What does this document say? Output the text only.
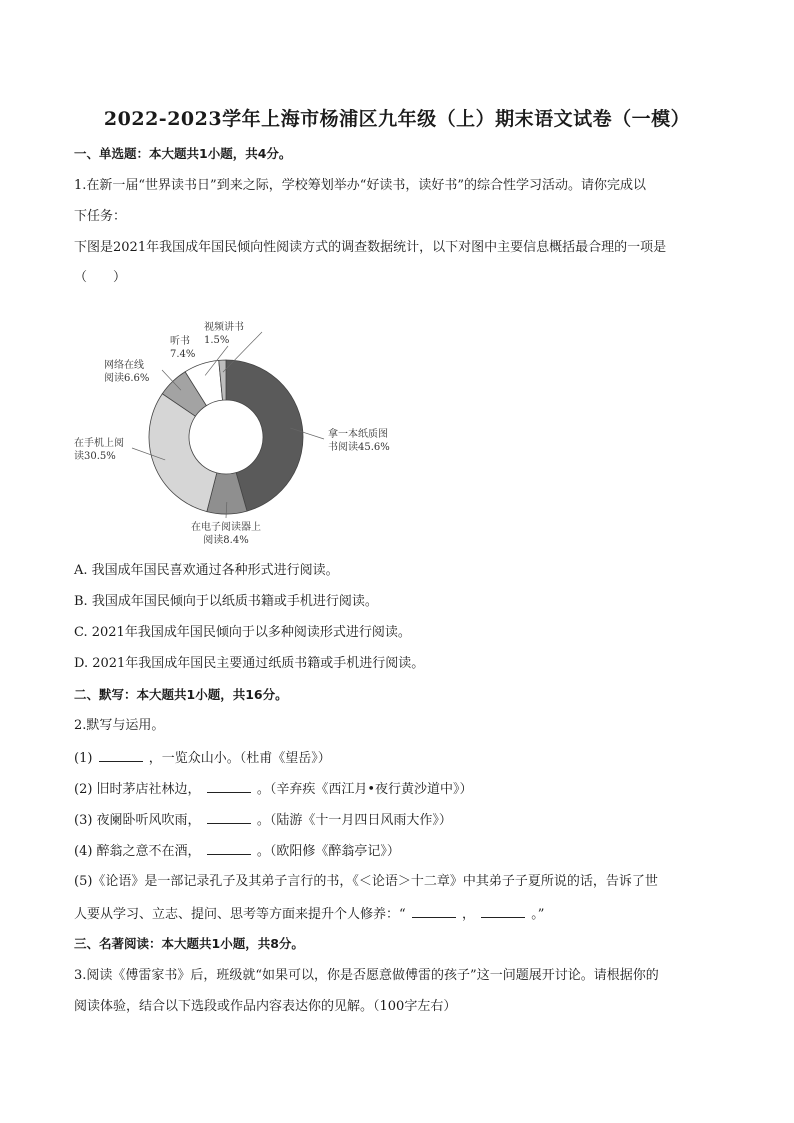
2022-2023学年上海市杨浦区九年级（上）期末语文试卷（一模）
一、单选题：本大题共1小题，共4分。
1.在新一届“世界读书日”到来之际，学校筹划举办“好读书，读好书”的综合性学习活动。请你完成以
下任务：
下图是2021年我国成年国民倾向性阅读方式的调查数据统计，以下对图中主要信息概括最合理的一项是
（　　）
拿一本纸质图
书阅读45.6%
在电子阅读器上
阅读8.4%
在手机上阅
读30.5%
网络在线
阅读6.6%
听书
7.4%
视频讲书
1.5%
A. 我国成年国民喜欢通过各种形式进行阅读。
B. 我国成年国民倾向于以纸质书籍或手机进行阅读。
C. 2021年我国成年国民倾向于以多种阅读形式进行阅读。
D. 2021年我国成年国民主要通过纸质书籍或手机进行阅读。
二、默写：本大题共1小题，共16分。
2.默写与运用。
(1)	，一览众山小。（杜甫《望岳》）
(2) 旧时茅店社林边，	。（辛弃疾《西江月•夜行黄沙道中》）
(3) 夜阑卧听风吹雨，	。（陆游《十一月四日风雨大作》）
(4) 醉翁之意不在酒，	。（欧阳修《醉翁亭记》）
(5)《论语》是一部记录孔子及其弟子言行的书，《＜论语＞十二章》中其弟子子夏所说的话，告诉了世
人要从学习、立志、提问、思考等方面来提升个人修养：“	，	。”
三、名著阅读：本大题共1小题，共8分。
3.阅读《傅雷家书》后，班级就“如果可以，你是否愿意做傅雷的孩子”这一问题展开讨论。请根据你的
阅读体验，结合以下选段或作品内容表达你的见解。（100字左右）
